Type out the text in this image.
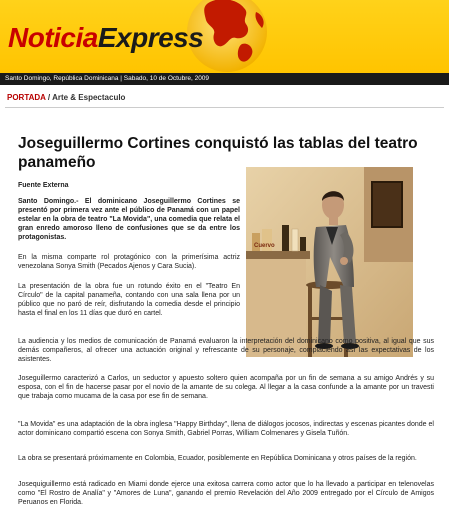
NoticiaExpress
Santo Domingo, República Dominicana | Sabado, 10 de Octubre, 2009
PORTADA / Arte & Espectaculo
Joseguillermo Cortines conquistó las tablas del teatro panameño
Fuente Externa
Cuervo

Santo Domingo.- El dominicano Joseguillermo Cortines se presentó por primera vez ante el público de Panamá con un papel estelar en la obra de teatro "La Movida", una comedia que relata el gran enredo amoroso lleno de confusiones que se da entre los protagonistas.

En la misma comparte rol protagónico con la primerísima actriz venezolana Sonya Smith (Pecados Ajenos y Cara Sucia).

La presentación de la obra fue un rotundo éxito en el "Teatro En Círculo" de la capital panameña, contando con una sala llena por un público que no paró de reír, disfrutando la comedia desde el principio hasta el final en los 11 días que duró en cartel.

La audiencia y los medios de comunicación de Panamá evaluaron la interpretación del dominicano como positiva, al igual que sus demás compañeros, al ofrecer una actuación original y refrescante de su personaje, complaciendo así las expectativas de los asistentes.

Joseguillermo caracterizó a Carlos, un seductor y apuesto soltero quien acompaña por un fin de semana a su amigo Andrés y su esposa, con el fin de hacerse pasar por el novio de la amante de su colega. Al llegar a la casa confunde a la amante por un travesti que trabaja como mucama de la casa por ese fin de semana.

"La Movida" es una adaptación de la obra inglesa "Happy Birthday", llena de diálogos jocosos, indirectas y escenas picantes donde el actor dominicano compartió escena con Sonya Smith, Gabriel Porras, William Colmenares y Gisela Tuñón.

La obra se presentará próximamente en Colombia, Ecuador, posiblemente en República Dominicana y otros países de la región.

Josequiguillermo está radicado en Miami donde ejerce una exitosa carrera como actor que lo ha llevado a participar en telenovelas como "El Rostro de Analía" y "Amores de Luna", ganando el premio Revelación del Año 2009 entregado por el Círculo de Amigos Peruanos en Florida.
